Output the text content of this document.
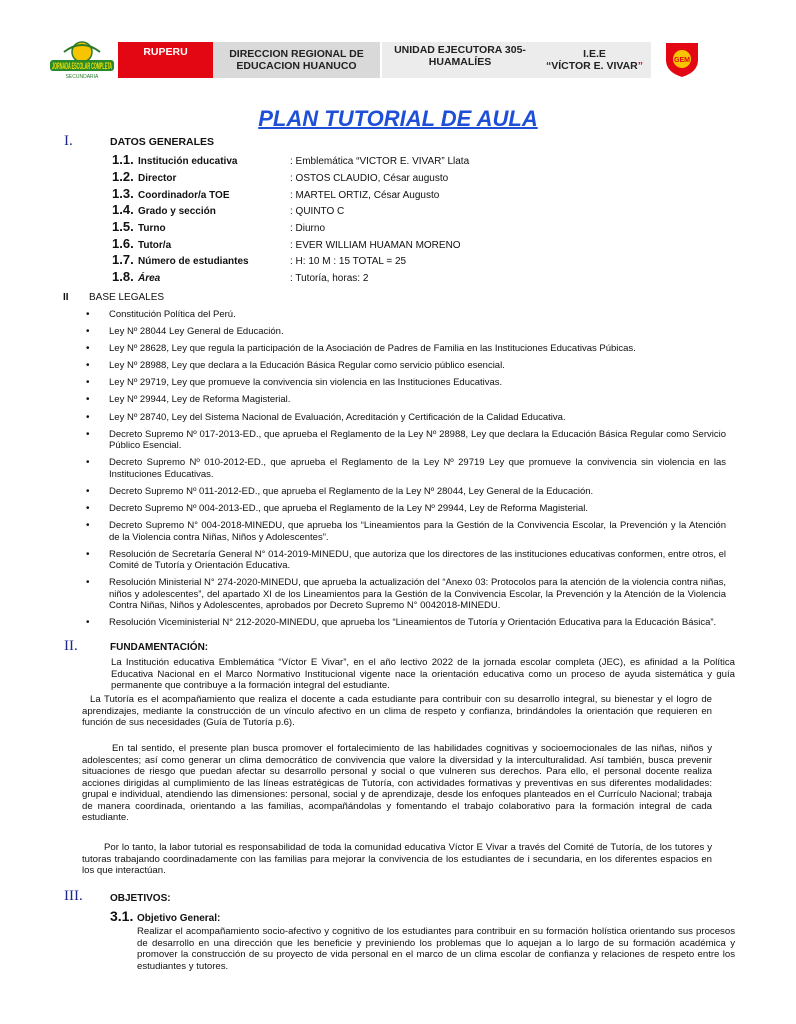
JORNADA ESCOLAR COMPLETA
SECUNDARIA
RUPERU	DIRECCION REGIONAL DE EDUCACION HUANUCO
UNIDAD EJECUTORA 305-HUAMALÍES
I.E.E
“VÍCTOR E. VIVAR”	GEM
PLAN TUTORIAL DE AULA
I.	DATOS GENERALES
1.1. Institución educativa	: Emblemática “VICTOR E. VIVAR” Llata
1.2. Director	: OSTOS CLAUDIO, César augusto
1.3. Coordinador/a TOE	: MARTEL ORTIZ, César Augusto
1.4. Grado y sección	: QUINTO C
1.5. Turno	: Diurno
1.6. Tutor/a	: EVER WILLIAM HUAMAN MORENO
1.7. Número de estudiantes	: H: 10 M : 15 TOTAL = 25
1.8. Área	: Tutoría, horas: 2
II BASE LEGALES
• Constitución Política del Perú.
• Ley Nº 28044 Ley General de Educación.
• Ley Nº 28628, Ley que regula la participación de la Asociación de Padres de Familia en las Instituciones Educativas Púbicas.
• Ley Nº 28988, Ley que declara a la Educación Básica Regular como servicio público esencial.
• Ley Nº 29719, Ley que promueve la convivencia sin violencia en las Instituciones Educativas.
• Ley Nº 29944, Ley de Reforma Magisterial.
• Ley Nº 28740, Ley del Sistema Nacional de Evaluación, Acreditación y Certificación de la Calidad Educativa.
• Decreto Supremo Nº 017-2013-ED., que aprueba el Reglamento de la Ley Nº 28988, Ley que declara la Educación Básica Regular como Servicio Público Esencial.
• Decreto Supremo Nº 010-2012-ED., que aprueba el Reglamento de la Ley Nº 29719 Ley que promueve la convivencia sin violencia en las Instituciones Educativas.
• Decreto Supremo Nº 011-2012-ED., que aprueba el Reglamento de la Ley Nº 28044, Ley General de la Educación.
• Decreto Supremo Nº 004-2013-ED., que aprueba el Reglamento de la Ley Nº 29944, Ley de Reforma Magisterial.
• Decreto Supremo N° 004-2018-MINEDU, que aprueba los “Lineamientos para la Gestión de la Convivencia Escolar, la Prevención y la Atención de la Violencia contra Niñas, Niños y Adolescentes”.
• Resolución de Secretaría General N° 014-2019-MINEDU, que autoriza que los directores de las instituciones educativas conformen, entre otros, el Comité de Tutoría y Orientación Educativa.
• Resolución Ministerial N° 274-2020-MINEDU, que aprueba la actualización del “Anexo 03: Protocolos para la atención de la violencia contra niñas, niños y adolescentes”, del apartado XI de los Lineamientos para la Gestión de la Convivencia Escolar, la Prevención y la Atención de la Violencia Contra Niñas, Niños y Adolescentes, aprobados por Decreto Supremo N° 0042018-MINEDU.
• Resolución Viceministerial N° 212-2020-MINEDU, que aprueba los “Lineamientos de Tutoría y Orientación Educativa para la Educación Básica”.
II.	FUNDAMENTACIÓN:

La Institución educativa Emblemática “Víctor E Vivar”, en el año lectivo 2022 de la jornada escolar completa (JEC), es afinidad a la Política Educativa Nacional en el Marco Normativo Institucional vigente nace la orientación educativa como un proceso de ayuda sistemática y guía permanente que contribuye a la formación integral del estudiante.

La Tutoría es el acompañamiento que realiza el docente a cada estudiante para contribuir con su desarrollo integral, su bienestar y el logro de aprendizajes, mediante la construcción de un vínculo afectivo en un clima de respeto y confianza, brindándoles la orientación que requieren en función de sus necesidades (Guía de Tutoría p.6).

En tal sentido, el presente plan busca promover el fortalecimiento de las habilidades cognitivas y socioemocionales de las niñas, niños y adolescentes; así como generar un clima democrático de convivencia que valore la diversidad y la interculturalidad. Así también, busca prevenir situaciones de riesgo que puedan afectar su desarrollo personal y social o que vulneren sus derechos. Para ello, el personal docente realiza acciones dirigidas al cumplimiento de las líneas estratégicas de Tutoría, con actividades formativas y preventivas en sus diferentes modalidades: grupal e individual, atendiendo las dimensiones: personal, social y de aprendizaje, desde los enfoques planteados en el Currículo Nacional; trabaja de manera coordinada, orientando a las familias, acompañándolas y fomentando el trabajo colaborativo para la formación integral de cada estudiante.

Por lo tanto, la labor tutorial es responsabilidad de toda la comunidad educativa Víctor E Vivar a través del Comité de Tutoría, de los tutores y tutoras trabajando coordinadamente con las familias para mejorar la convivencia de los estudiantes de i secundaria, en los diferentes espacios en los que interactúan.

III.	OBJETIVOS:
3.1. Objetivo General:

Realizar el acompañamiento socio-afectivo y cognitivo de los estudiantes para contribuir en su formación holística orientando sus procesos de desarrollo en una dirección que les beneficie y previniendo los problemas que lo aquejan a lo largo de su formación académica y promover la construcción de su proyecto de vida personal en el marco de un clima escolar de confianza y relaciones de respeto entre los estudiantes y tutores.
